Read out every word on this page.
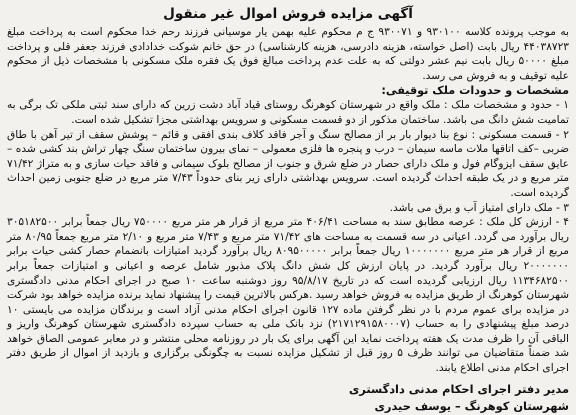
آگهی مزایده فروش اموال غیر منقول

به موجب پرونده کلاسه ۹۳۰۱۰۰ و ۹۳۰۰۷۱ ج م محکوم علیه بهمن یار موسیانی فرزند رحم خدا محکوم است به پرداخت مبلغ ۴۴۰۳۸۷۲۳ ریال بابت (اصل خواسته، هزینه دادرسی، هزینه کارشناسی) در حق خانم شوکت خدادادی فرزند جعفر قلی و پرداخت مبلغ ۵۰۰۰۰ ریال بابت نیم عشر دولتی که به علت عدم پرداخت مبالغ فوق یک فقره ملک مسکونی با مشخصات ذیل از محکوم علیه توقیف و به فروش می رسد.

مشخصات و حدودات ملک توقیفی:

۱ - حدود و مشخصات ملک : ملک واقع در شهرستان کوهرنگ روستای قیاد آباد دشت زرین که دارای سند ثبتی ملکی تک برگی به تمامیت شش دانگ می باشد. ساختمان مذکور از دو قسمت مسکونی و سرویس بهداشتی مجزا تشکیل شده است.

۲ - قسمت مسکونی : نوع بنا دیوار بار بر از مصالح سنگ و آجر فاقد کلاف بندی افقی و قائم – پوشش سقف از تیر آهن با طاق ضربی –کف اتاقها ملات ماسه سیمان – درب و پنجره ها فلزی معمولی – نمای بیرون ساختمان سنگ چهار تراش بند کشی شده – عایق سقف ایزوگام فول و ملک دارای حصار در ضلع شرق و جنوب از مصالح بلوک سیمانی و فاقد حیات سازی و به متراژ ۷۱/۴۲ متر مربع و در یک طبقه احداث گردیده است. سرویس بهداشتی دارای زیر بنای حدوداً ۷/۴۳ متر مربع در ضلع جنوبی زمین احداث گردیده است.

۳ - ملک دارای امتیاز آب و برق می باشد.

۴ - ارزش کل ملک : عرصه مطابق سند به مساحت ۴۰۶/۴۱ متر مربع از قرار هر متر مربع ۷۵۰۰۰۰ ریال جمعاً برابر ۳۰۵۱۸۲۵۰۰ ریال برآورد می گردد. اعیانی در سه قسمت به مساحت های ۷۱/۴۲ متر مربع و ۷/۴۳ متر مربع و ۲/۱۰ متر مربع جمعاً ۸۰/۹۵ متر مربع از قرار هر متر مربع ۱۰۰۰۰۰۰۰ ریال جمعاً برابر ۸۰۹۵۰۰۰۰۰ ریال برآورد گردید امتیازات بانضمام حصار کشی حیات برابر ۲۰۰۰۰۰۰۰ ریال برآورد گردید. در پایان ارزش کل شش دانگ پلاک مذبور شامل عرصه و اعیانی و امتیازات جمعاً برابر ۱۱۳۴۶۸۲۵۰۰ ریال ارزیابی گردیده است که در تاریخ ۹۵/۸/۱۷ روز دوشنبه ساعت ۱۰ صبح در اجرای احکام مدنی دادگستری شهرستان کوهرنگ از طریق مزایده به فروش خواهد رسید .هرکس بالاترین قیمت را پیشنهاد نماید برنده مزایده خواهد بود شرکت در مزایده برای عموم مردم با در نظر گرفتن ماده ۱۲۷ قانون اجرای احکام مدنی آزاد است و برندگان مزایده می بایستی ۱۰ درصد مبلغ پیشنهادی را به حساب (۲۱۷۱۲۹۱۵۸۰۰۰۷) نزد بانک ملی به حساب سپرده دادگستری شهرستان کوهرنگ واریز و الباقی آن را ظرف مدت یک هفته پرداخت نماید این آگهی برای یک بار در روزنامه محلی منتشر و در معابر عمومی الصاق خواهد شد ضمناً متقاضیان می توانند ظرف ۵ روز قبل از تشکیل مزایده نسبت به چگونگی برگزاری و بازدید از اموال از طریق دفتر اجرای احکام مدنی اطلاع یابند.

مدیر دفتر اجرای احکام مدنی دادگستری
شهرستان کوهرنگ – یوسف حیدری
